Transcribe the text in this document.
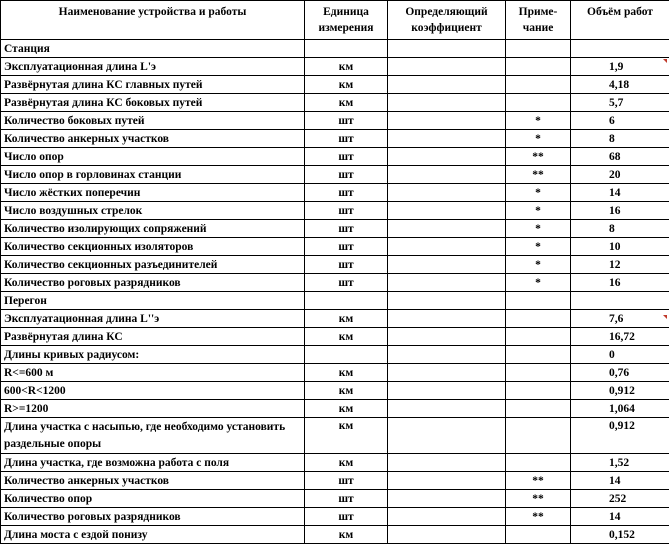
Наименование устройства и работы	Единица измерения	Определяющий коэффициент	Приме-чание	Объём работ
Станция				
Эксплуатационная длина L'э	км			1,9
Развёрнутая длина КС главных путей	км			4,18
Развёрнутая длина КС боковых путей	км			5,7
Количество боковых путей	шт		*	6
Количество анкерных участков	шт		*	8
Число опор	шт		**	68
Число опор в горловинах станции	шт		**	20
Число жёстких поперечин	шт		*	14
Число воздушных стрелок	шт		*	16
Количество изолирующих сопряжений	шт		*	8
Количество секционных изоляторов	шт		*	10
Количество секционных разъединителей	шт		*	12
Количество роговых разрядников	шт		*	16
Перегон				
Эксплуатационная длина L''э	км			7,6
Развёрнутая длина КС	км			16,72
Длины кривых радиусом:				0
R<=600 м	км			0,76
600<R<1200	км			0,912
R>=1200	км			1,064
Длина участка с насыпью, где необходимо установить раздельные опоры	км			0,912
Длина участка, где возможна работа с поля	км			1,52
Количество анкерных участков	шт		**	14
Количество опор	шт		**	252
Количество роговых разрядников	шт		**	14
Длина моста с ездой понизу	км			0,152
